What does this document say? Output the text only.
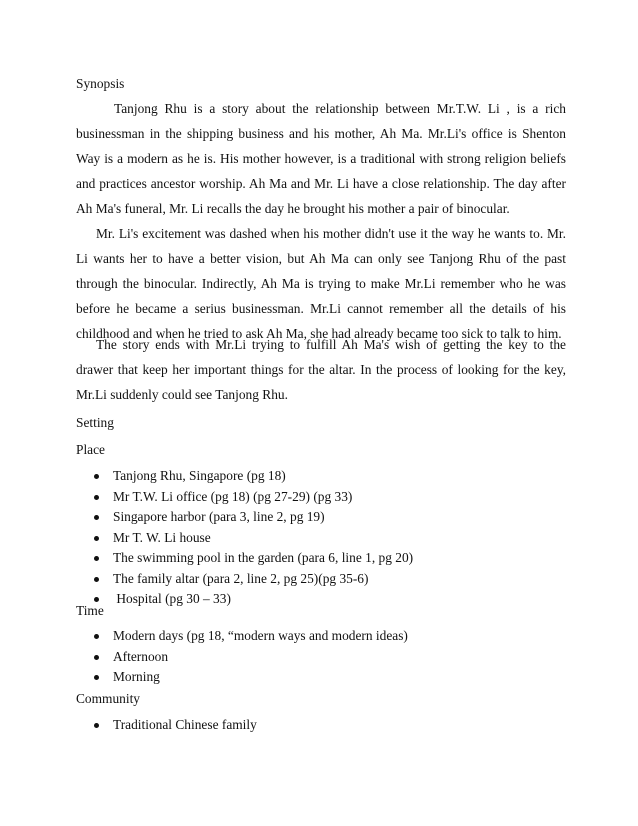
Synopsis

Tanjong Rhu is a story about the relationship between Mr.T.W. Li , is a rich businessman in the shipping business and his mother, Ah Ma. Mr.Li's office is Shenton Way is a modern as he is. His mother however, is a traditional with strong religion beliefs and practices ancestor worship. Ah Ma and Mr. Li have a close relationship. The day after Ah Ma's funeral, Mr. Li recalls the day he brought his mother a pair of binocular.

Mr. Li's excitement was dashed when his mother didn't use it the way he wants to. Mr. Li wants her to have a better vision, but Ah Ma can only see Tanjong Rhu of the past through the binocular. Indirectly, Ah Ma is trying to make Mr.Li remember who he was before he became a serius businessman. Mr.Li cannot remember all the details of his childhood and when he tried to ask Ah Ma, she had already became too sick to talk to him.

The story ends with Mr.Li trying to fulfill Ah Ma's wish of getting the key to the drawer that keep her important things for the altar. In the process of looking for the key, Mr.Li suddenly could see Tanjong Rhu.

Setting

Place

Tanjong Rhu, Singapore (pg 18)
Mr T.W. Li office (pg 18) (pg 27-29) (pg 33)
Singapore harbor (para 3, line 2, pg 19)
Mr T. W. Li house
The swimming pool in the garden (para 6, line 1, pg 20)
The family altar (para 2, line 2, pg 25)(pg 35-6)
Hospital (pg 30 – 33)

Time

Modern days (pg 18, “modern ways and modern ideas)
Afternoon
Morning

Community

Traditional Chinese family
